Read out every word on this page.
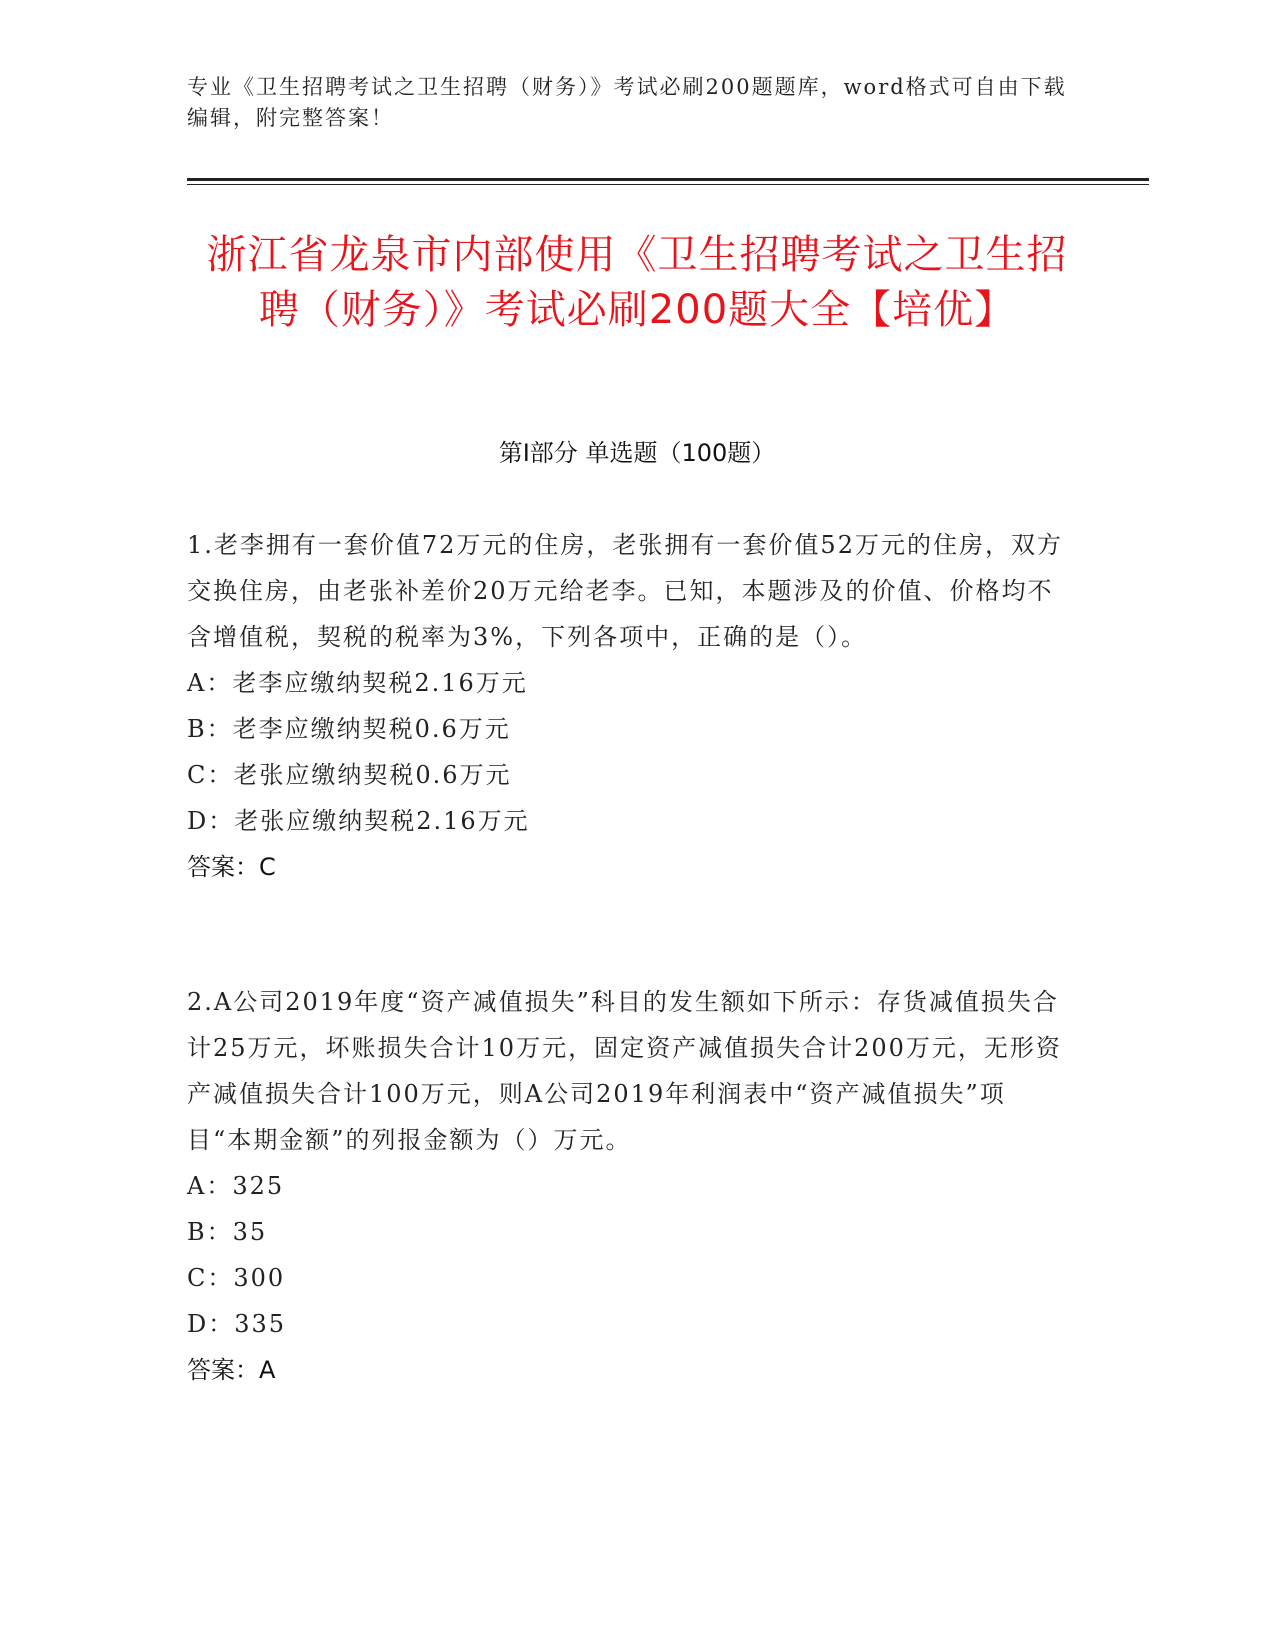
专业《卫生招聘考试之卫生招聘（财务）》考试必刷200题题库，word格式可自由下载编辑，附完整答案！
浙江省龙泉市内部使用《卫生招聘考试之卫生招聘（财务）》考试必刷200题大全【培优】
第I部分 单选题（100题）

1.老李拥有一套价值72万元的住房，老张拥有一套价值52万元的住房，双方交换住房，由老张补差价20万元给老李。已知，本题涉及的价值、价格均不含增值税，契税的税率为3%，下列各项中，正确的是（）。

A：老李应缴纳契税2.16万元

B：老李应缴纳契税0.6万元

C：老张应缴纳契税0.6万元

D：老张应缴纳契税2.16万元

答案：C

2.A公司2019年度“资产减值损失”科目的发生额如下所示：存货减值损失合计25万元，坏账损失合计10万元，固定资产减值损失合计200万元，无形资产减值损失合计100万元，则A公司2019年利润表中“资产减值损失”项目“本期金额”的列报金额为（）万元。

A：325

B：35

C：300

D：335

答案：A
